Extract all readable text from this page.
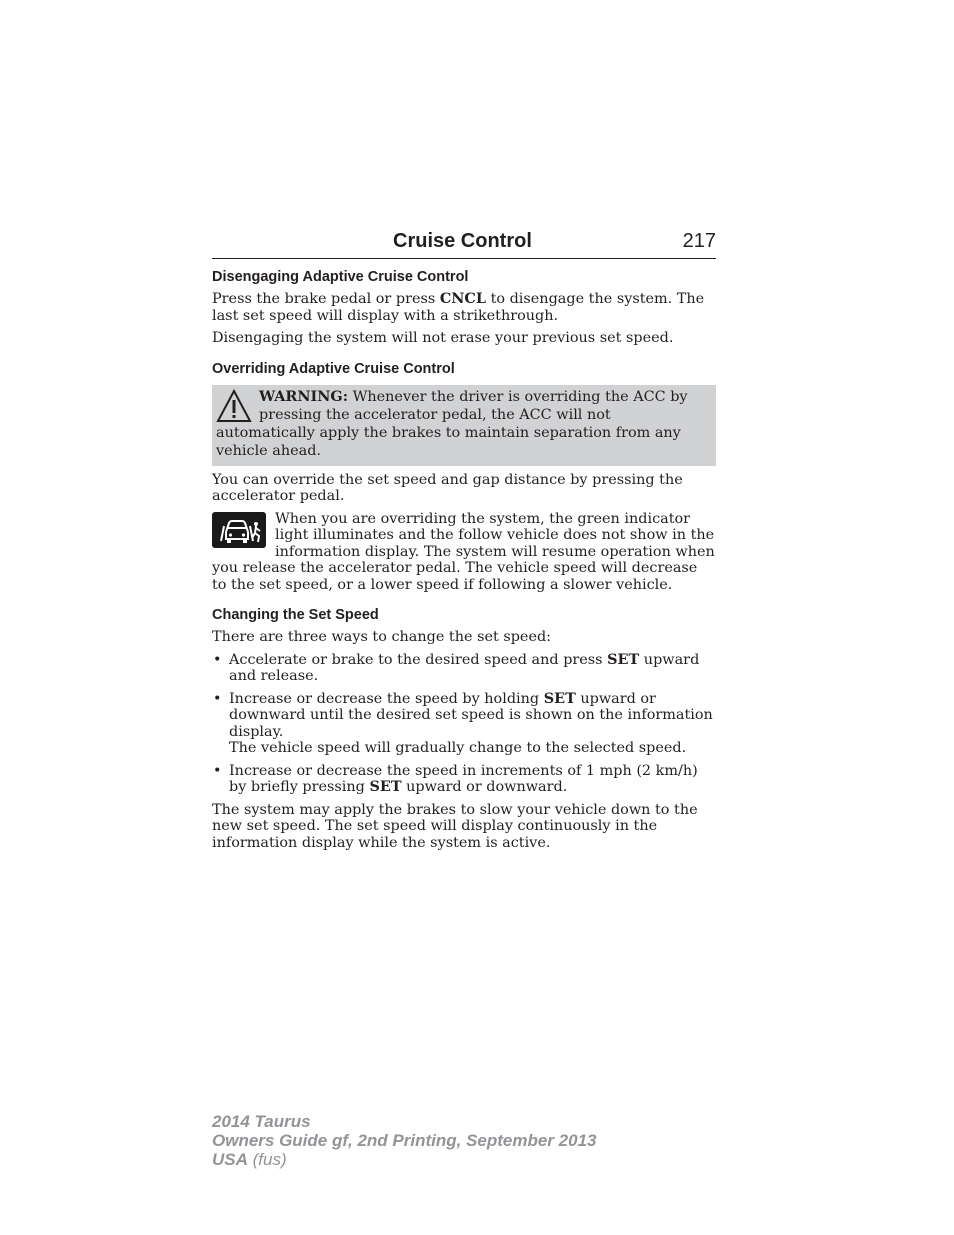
Cruise Control	217
Disengaging Adaptive Cruise Control

Press the brake pedal or press CNCL to disengage the system. The last set speed will display with a strikethrough.

Disengaging the system will not erase your previous set speed.

Overriding Adaptive Cruise Control
WARNING: Whenever the driver is overriding the ACC by pressing the accelerator pedal, the ACC will not automatically apply the brakes to maintain separation from any vehicle ahead.

You can override the set speed and gap distance by pressing the accelerator pedal.

When you are overriding the system, the green indicator light illuminates and the follow vehicle does not show in the information display. The system will resume operation when you release the accelerator pedal. The vehicle speed will decrease to the set speed, or a lower speed if following a slower vehicle.

Changing the Set Speed

There are three ways to change the set speed:

• Accelerate or brake to the desired speed and press SET upward and release.
• Increase or decrease the speed by holding SET upward or downward until the desired set speed is shown on the information display.
The vehicle speed will gradually change to the selected speed.
• Increase or decrease the speed in increments of 1 mph (2 km/h) by briefly pressing SET upward or downward.

The system may apply the brakes to slow your vehicle down to the new set speed. The set speed will display continuously in the information display while the system is active.

2014 Taurus
Owners Guide gf, 2nd Printing, September 2013
USA (fus)
